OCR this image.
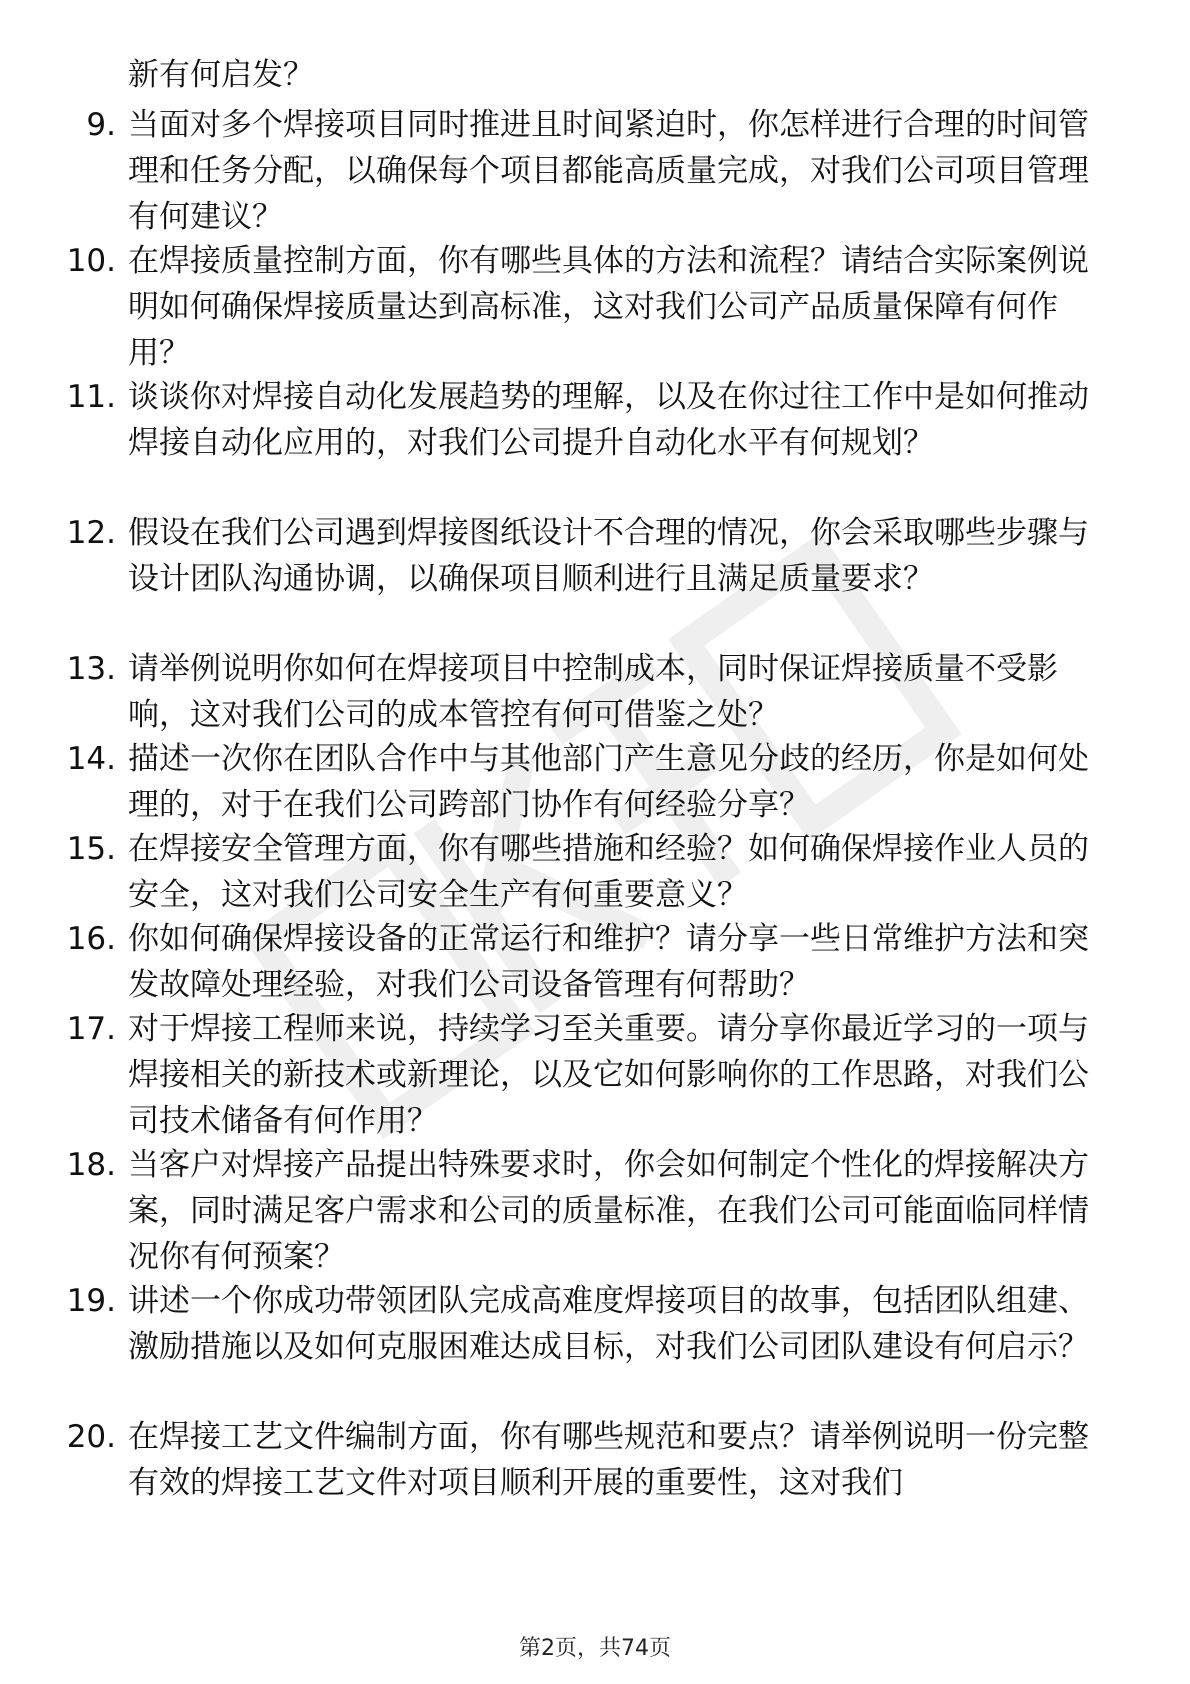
新有何启发？

9. 当面对多个焊接项目同时推进且时间紧迫时，你怎样进行合理的时间管理和任务分配，以确保每个项目都能高质量完成，对我们公司项目管理有何建议？
10. 在焊接质量控制方面，你有哪些具体的方法和流程？请结合实际案例说明如何确保焊接质量达到高标准，这对我们公司产品质量保障有何作用？
11. 谈谈你对焊接自动化发展趋势的理解，以及在你过往工作中是如何推动焊接自动化应用的，对我们公司提升自动化水平有何规划？
12. 假设在我们公司遇到焊接图纸设计不合理的情况，你会采取哪些步骤与设计团队沟通协调，以确保项目顺利进行且满足质量要求？
13. 请举例说明你如何在焊接项目中控制成本，同时保证焊接质量不受影响，这对我们公司的成本管控有何可借鉴之处？
14. 描述一次你在团队合作中与其他部门产生意见分歧的经历，你是如何处理的，对于在我们公司跨部门协作有何经验分享？
15. 在焊接安全管理方面，你有哪些措施和经验？如何确保焊接作业人员的安全，这对我们公司安全生产有何重要意义？
16. 你如何确保焊接设备的正常运行和维护？请分享一些日常维护方法和突发故障处理经验，对我们公司设备管理有何帮助？
17. 对于焊接工程师来说，持续学习至关重要。请分享你最近学习的一项与焊接相关的新技术或新理论，以及它如何影响你的工作思路，对我们公司技术储备有何作用？
18. 当客户对焊接产品提出特殊要求时，你会如何制定个性化的焊接解决方案，同时满足客户需求和公司的质量标准，在我们公司可能面临同样情况你有何预案？
19. 讲述一个你成功带领团队完成高难度焊接项目的故事，包括团队组建、激励措施以及如何克服困难达成目标，对我们公司团队建设有何启示？
20. 在焊接工艺文件编制方面，你有哪些规范和要点？请举例说明一份完整有效的焊接工艺文件对项目顺利开展的重要性，这对我们
第2页，共74页
